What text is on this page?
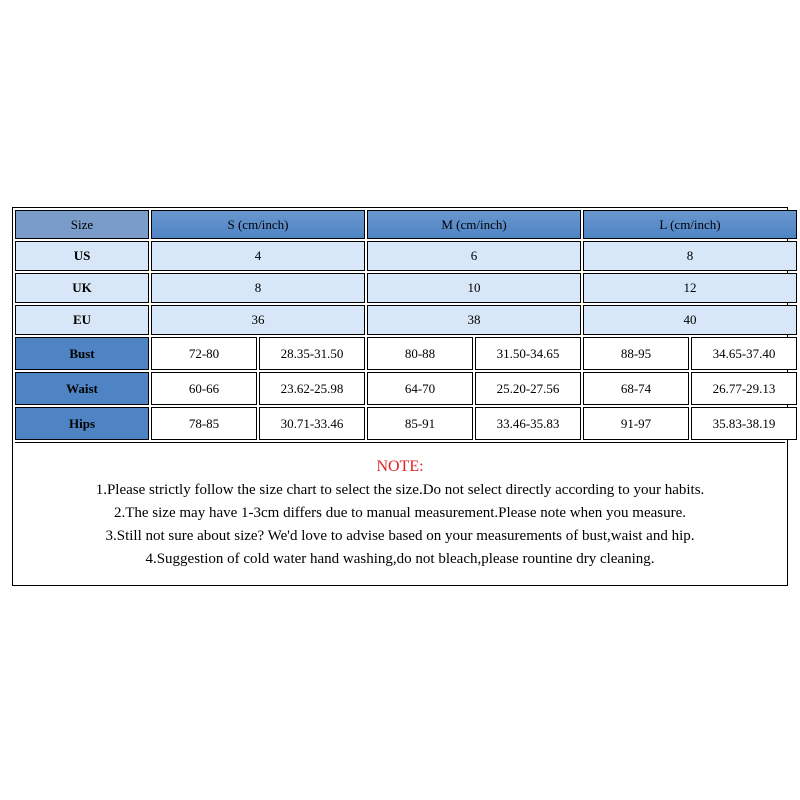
Size	S (cm/inch)		M (cm/inch)		L (cm/inch)	
US	4		6		8	
UK	8		10		12	
EU	36		38		40	
Bust	72-80	28.35-31.50	80-88	31.50-34.65	88-95	34.65-37.40
Waist	60-66	23.62-25.98	64-70	25.20-27.56	68-74	26.77-29.13
Hips	78-85	30.71-33.46	85-91	33.46-35.83	91-97	35.83-38.19
NOTE:
1.Please strictly follow the size chart to select the size.Do not select directly according to your habits.
2.The size may have 1-3cm differs due to manual measurement.Please note when you measure.
3.Still not sure about size? We'd love to advise based on your measurements of bust,waist and hip.
4.Suggestion of cold water hand washing,do not bleach,please rountine dry cleaning.
